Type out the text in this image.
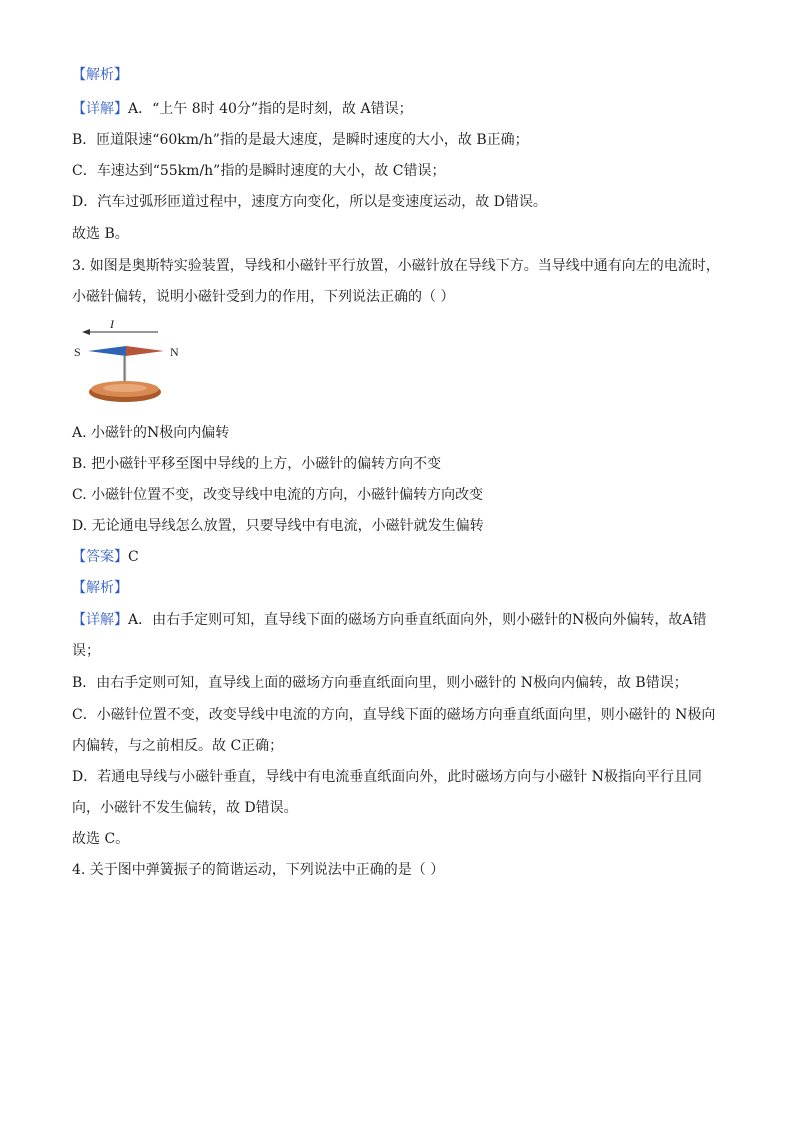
【解析】
【详解】A．“上午 8时 40分”指的是时刻，故 A错误；
B．匝道限速“60km/h”指的是最大速度，是瞬时速度的大小，故 B正确；
C．车速达到“55km/h”指的是瞬时速度的大小，故 C错误；
D．汽车过弧形匝道过程中，速度方向变化，所以是变速度运动，故 D错误。
故选 B。
3. 如图是奥斯特实验装置，导线和小磁针平行放置，小磁针放在导线下方。当导线中通有向左的电流时，
小磁针偏转，说明小磁针受到力的作用，下列说法正确的（ ）
I
S	N
A. 小磁针的N极向内偏转
B. 把小磁针平移至图中导线的上方，小磁针的偏转方向不变
C. 小磁针位置不变，改变导线中电流的方向，小磁针偏转方向改变
D. 无论通电导线怎么放置，只要导线中有电流，小磁针就发生偏转
【答案】C
【解析】
【详解】A．由右手定则可知，直导线下面的磁场方向垂直纸面向外，则小磁针的N极向外偏转，故A错
误；
B．由右手定则可知，直导线上面的磁场方向垂直纸面向里，则小磁针的 N极向内偏转，故 B错误；
C．小磁针位置不变，改变导线中电流的方向，直导线下面的磁场方向垂直纸面向里，则小磁针的 N极向
内偏转，与之前相反。故 C正确；
D．若通电导线与小磁针垂直，导线中有电流垂直纸面向外，此时磁场方向与小磁针 N极指向平行且同
向，小磁针不发生偏转，故 D错误。
故选 C。
4. 关于图中弹簧振子的简谐运动，下列说法中正确的是（ ）
